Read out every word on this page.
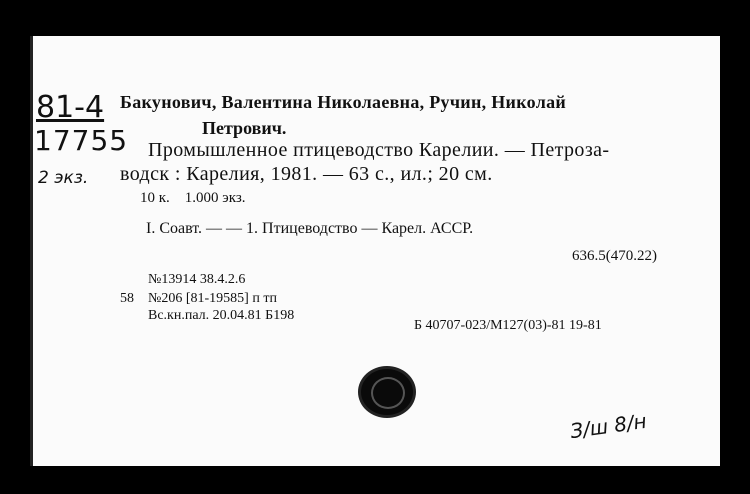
81-4
17755
2 экз.
Бакунович, Валентина Николаевна, Ручин, Николай
Петрович.
Промышленное птицеводство Карелии. — Петроза-
водск : Карелия, 1981. — 63 с., ил.; 20 см.
10 к.    1.000 экз.
I. Соавт. — — 1. Птицеводство — Карел. АССР.
636.5(470.22)
№13914 38.4.2.6
58 №206 [81-19585] п тп
Вс.кн.пал. 20.04.81 Б198
Б 40707-023/М127(03)-81 19-81
З/ш 8/н
